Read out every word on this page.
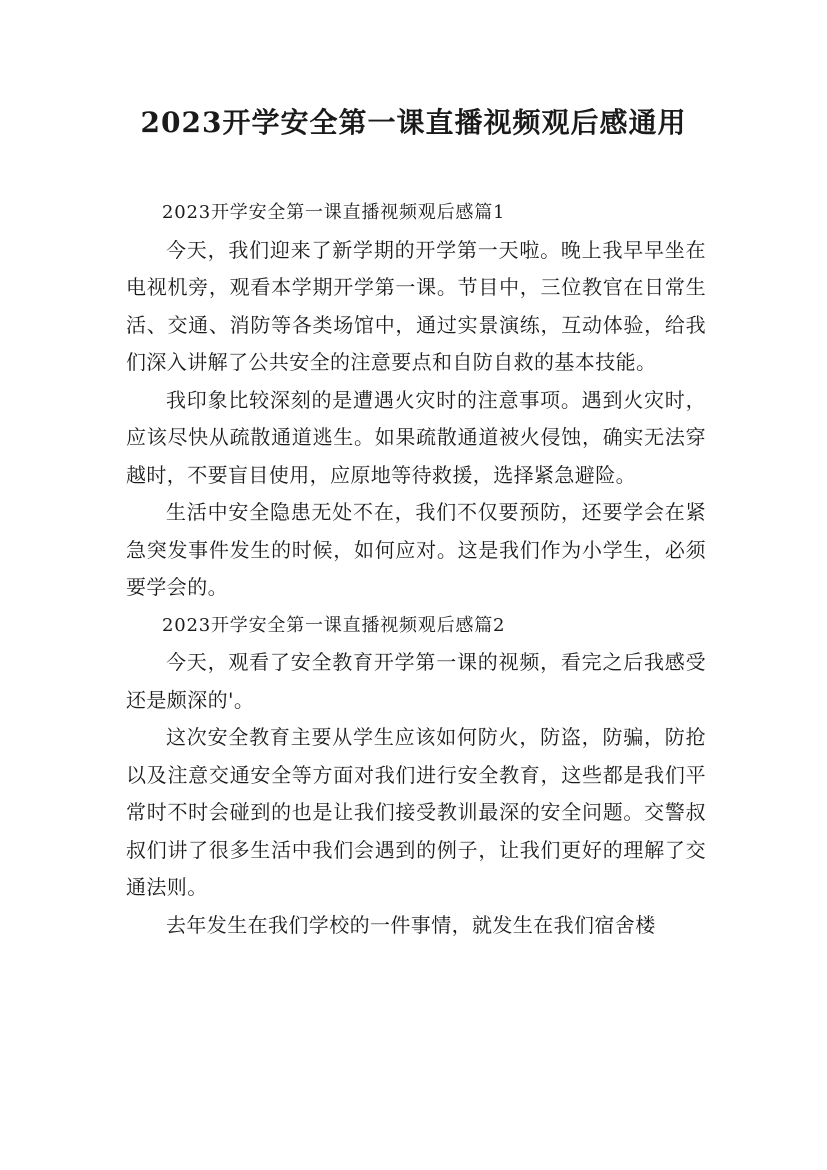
2023开学安全第一课直播视频观后感通用

2023开学安全第一课直播视频观后感篇1

今天，我们迎来了新学期的开学第一天啦。晚上我早早坐在电视机旁，观看本学期开学第一课。节目中，三位教官在日常生活、交通、消防等各类场馆中，通过实景演练，互动体验，给我们深入讲解了公共安全的注意要点和自防自救的基本技能。

我印象比较深刻的是遭遇火灾时的注意事项。遇到火灾时，应该尽快从疏散通道逃生。如果疏散通道被火侵蚀，确实无法穿越时，不要盲目使用，应原地等待救援，选择紧急避险。

生活中安全隐患无处不在，我们不仅要预防，还要学会在紧急突发事件发生的时候，如何应对。这是我们作为小学生，必须要学会的。

2023开学安全第一课直播视频观后感篇2

今天，观看了安全教育开学第一课的视频，看完之后我感受还是颇深的'。

这次安全教育主要从学生应该如何防火，防盗，防骗，防抢以及注意交通安全等方面对我们进行安全教育，这些都是我们平常时不时会碰到的也是让我们接受教训最深的安全问题。交警叔叔们讲了很多生活中我们会遇到的例子，让我们更好的理解了交通法则。

去年发生在我们学校的一件事情，就发生在我们宿舍楼
